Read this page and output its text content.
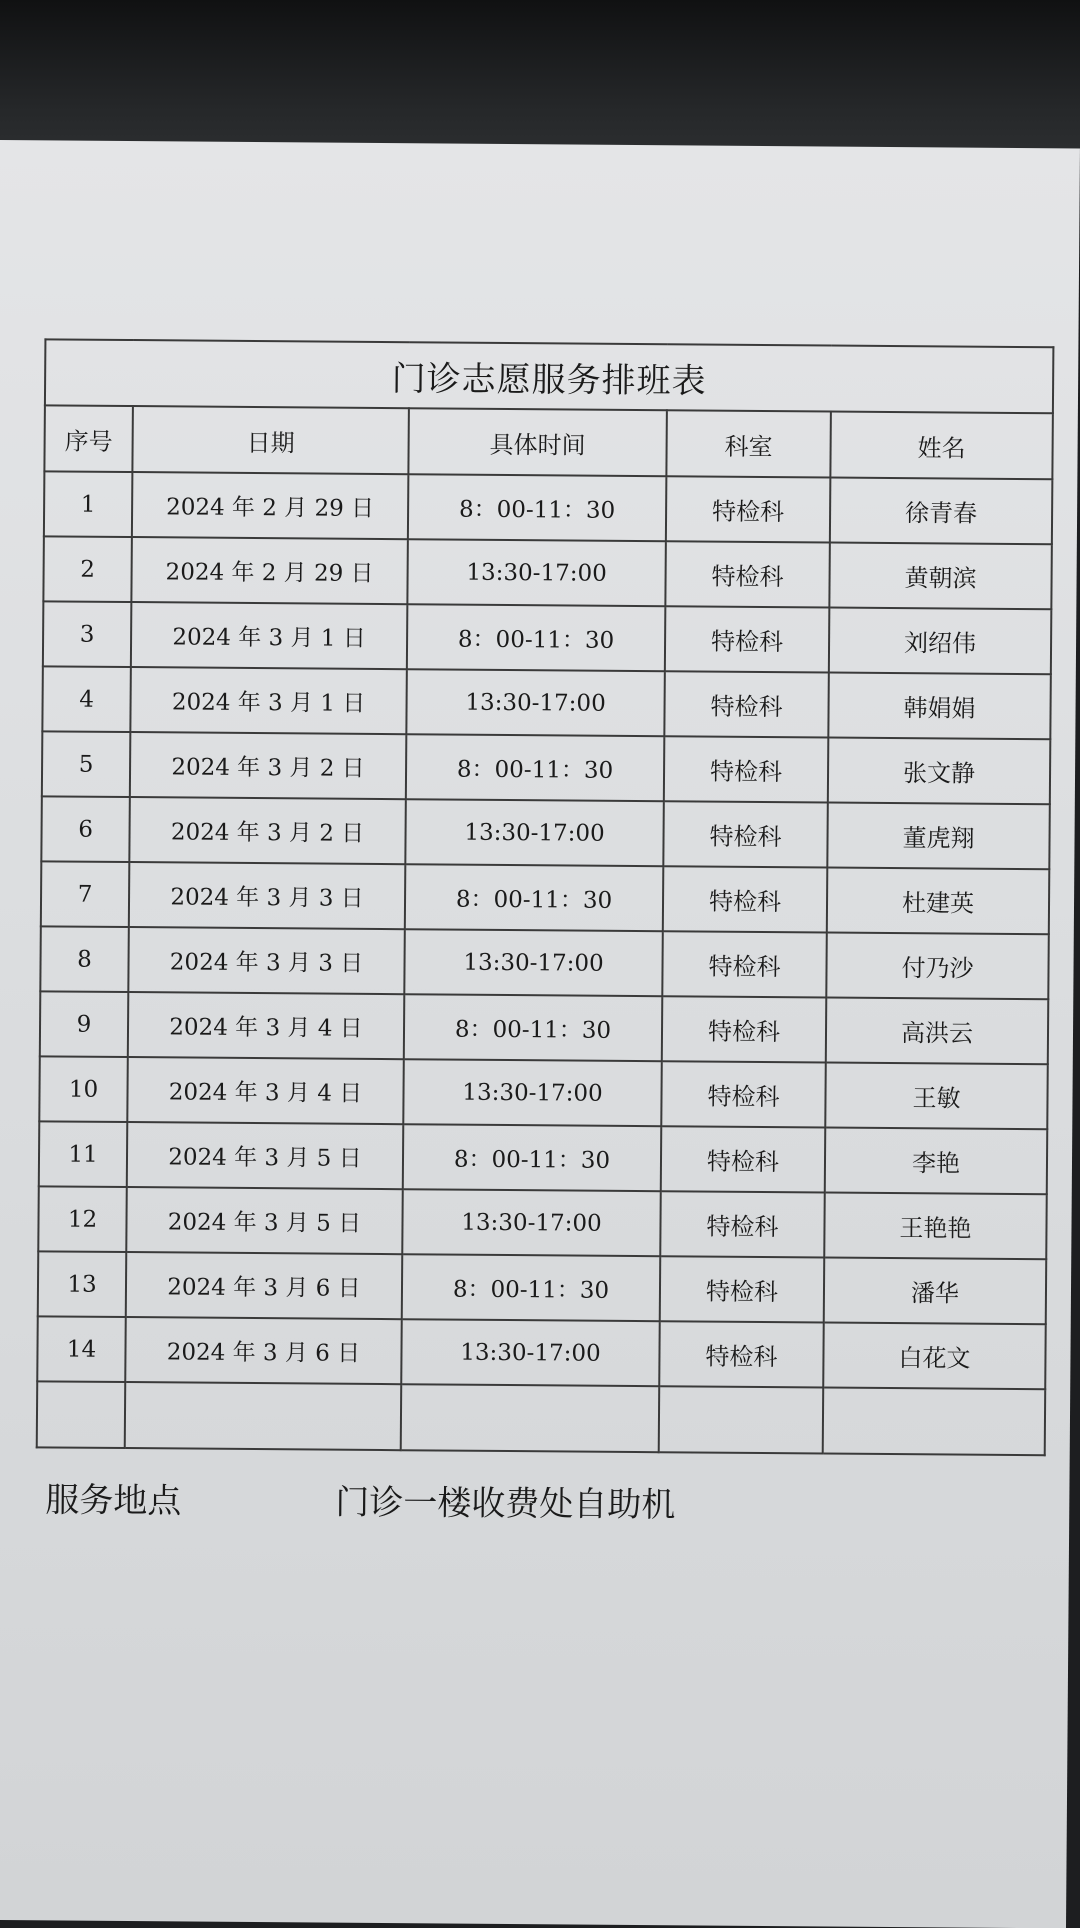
门诊志愿服务排班表				
序号	日期	具体时间	科室	姓名
1	2024 年 2 月 29 日	8：00-11：30	特检科	徐青春
2	2024 年 2 月 29 日	13:30-17:00	特检科	黄朝滨
3	2024 年 3 月 1 日	8：00-11：30	特检科	刘绍伟
4	2024 年 3 月 1 日	13:30-17:00	特检科	韩娟娟
5	2024 年 3 月 2 日	8：00-11：30	特检科	张文静
6	2024 年 3 月 2 日	13:30-17:00	特检科	董虎翔
7	2024 年 3 月 3 日	8：00-11：30	特检科	杜建英
8	2024 年 3 月 3 日	13:30-17:00	特检科	付乃沙
9	2024 年 3 月 4 日	8：00-11：30	特检科	高洪云
10	2024 年 3 月 4 日	13:30-17:00	特检科	王敏
11	2024 年 3 月 5 日	8：00-11：30	特检科	李艳
12	2024 年 3 月 5 日	13:30-17:00	特检科	王艳艳
13	2024 年 3 月 6 日	8：00-11：30	特检科	潘华
14	2024 年 3 月 6 日	13:30-17:00	特检科	白花文

服务地点	门诊一楼收费处自助机
